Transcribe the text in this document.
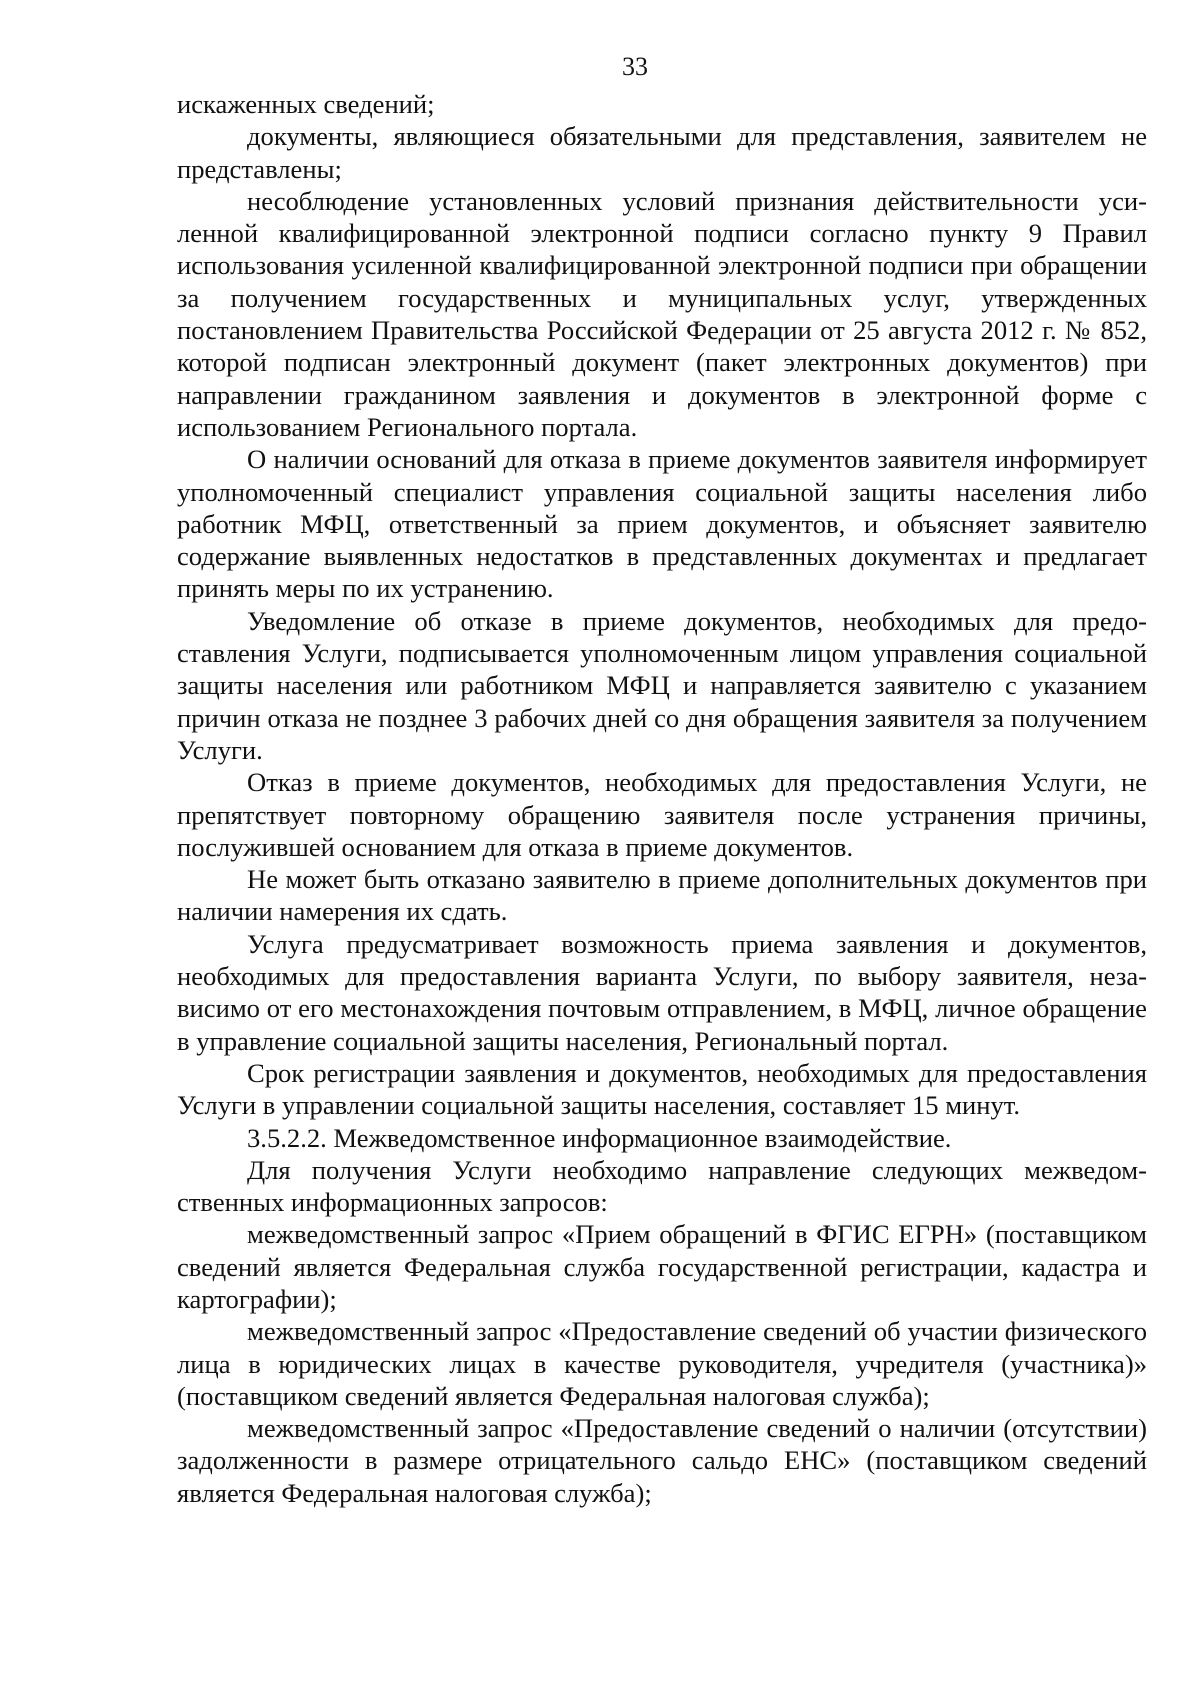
33

искаженных сведений;

документы, являющиеся обязательными для представления, заявителем не представлены;

несоблюдение установленных условий признания действительности усиленной квалифицированной электронной подписи согласно пункту 9 Правил использования усиленной квалифицированной электронной подписи при обращении за получением государственных и муниципальных услуг, утвержденных постановлением Правительства Российской Федерации от 25 августа 2012 г. № 852, которой подписан электронный документ (пакет электронных документов) при направлении гражданином заявления и документов в электронной форме с использованием Регионального портала.

О наличии оснований для отказа в приеме документов заявителя информирует уполномоченный специалист управления социальной защиты населения либо работник МФЦ, ответственный за прием документов, и объясняет заявителю содержание выявленных недостатков в представленных документах и предлагает принять меры по их устранению.

Уведомление об отказе в приеме документов, необходимых для предоставления Услуги, подписывается уполномоченным лицом управления социальной защиты населения или работником МФЦ и направляется заявителю с указанием причин отказа не позднее 3 рабочих дней со дня обращения заявителя за получением Услуги.

Отказ в приеме документов, необходимых для предоставления Услуги, не препятствует повторному обращению заявителя после устранения причины, послужившей основанием для отказа в приеме документов.

Не может быть отказано заявителю в приеме дополнительных документов при наличии намерения их сдать.

Услуга предусматривает возможность приема заявления и документов, необходимых для предоставления варианта Услуги, по выбору заявителя, независимо от его местонахождения почтовым отправлением, в МФЦ, личное обращение в управление социальной защиты населения, Региональный портал.

Срок регистрации заявления и документов, необходимых для предоставления Услуги в управлении социальной защиты населения, составляет 15 минут.

3.5.2.2. Межведомственное информационное взаимодействие.

Для получения Услуги необходимо направление следующих межведомственных информационных запросов:

межведомственный запрос «Прием обращений в ФГИС ЕГРН» (поставщиком сведений является Федеральная служба государственной регистрации, кадастра и картографии);

межведомственный запрос «Предоставление сведений об участии физического лица в юридических лицах в качестве руководителя, учредителя (участника)» (поставщиком сведений является Федеральная налоговая служба);

межведомственный запрос «Предоставление сведений о наличии (отсутствии) задолженности в размере отрицательного сальдо ЕНС» (поставщиком сведений является Федеральная налоговая служба);
